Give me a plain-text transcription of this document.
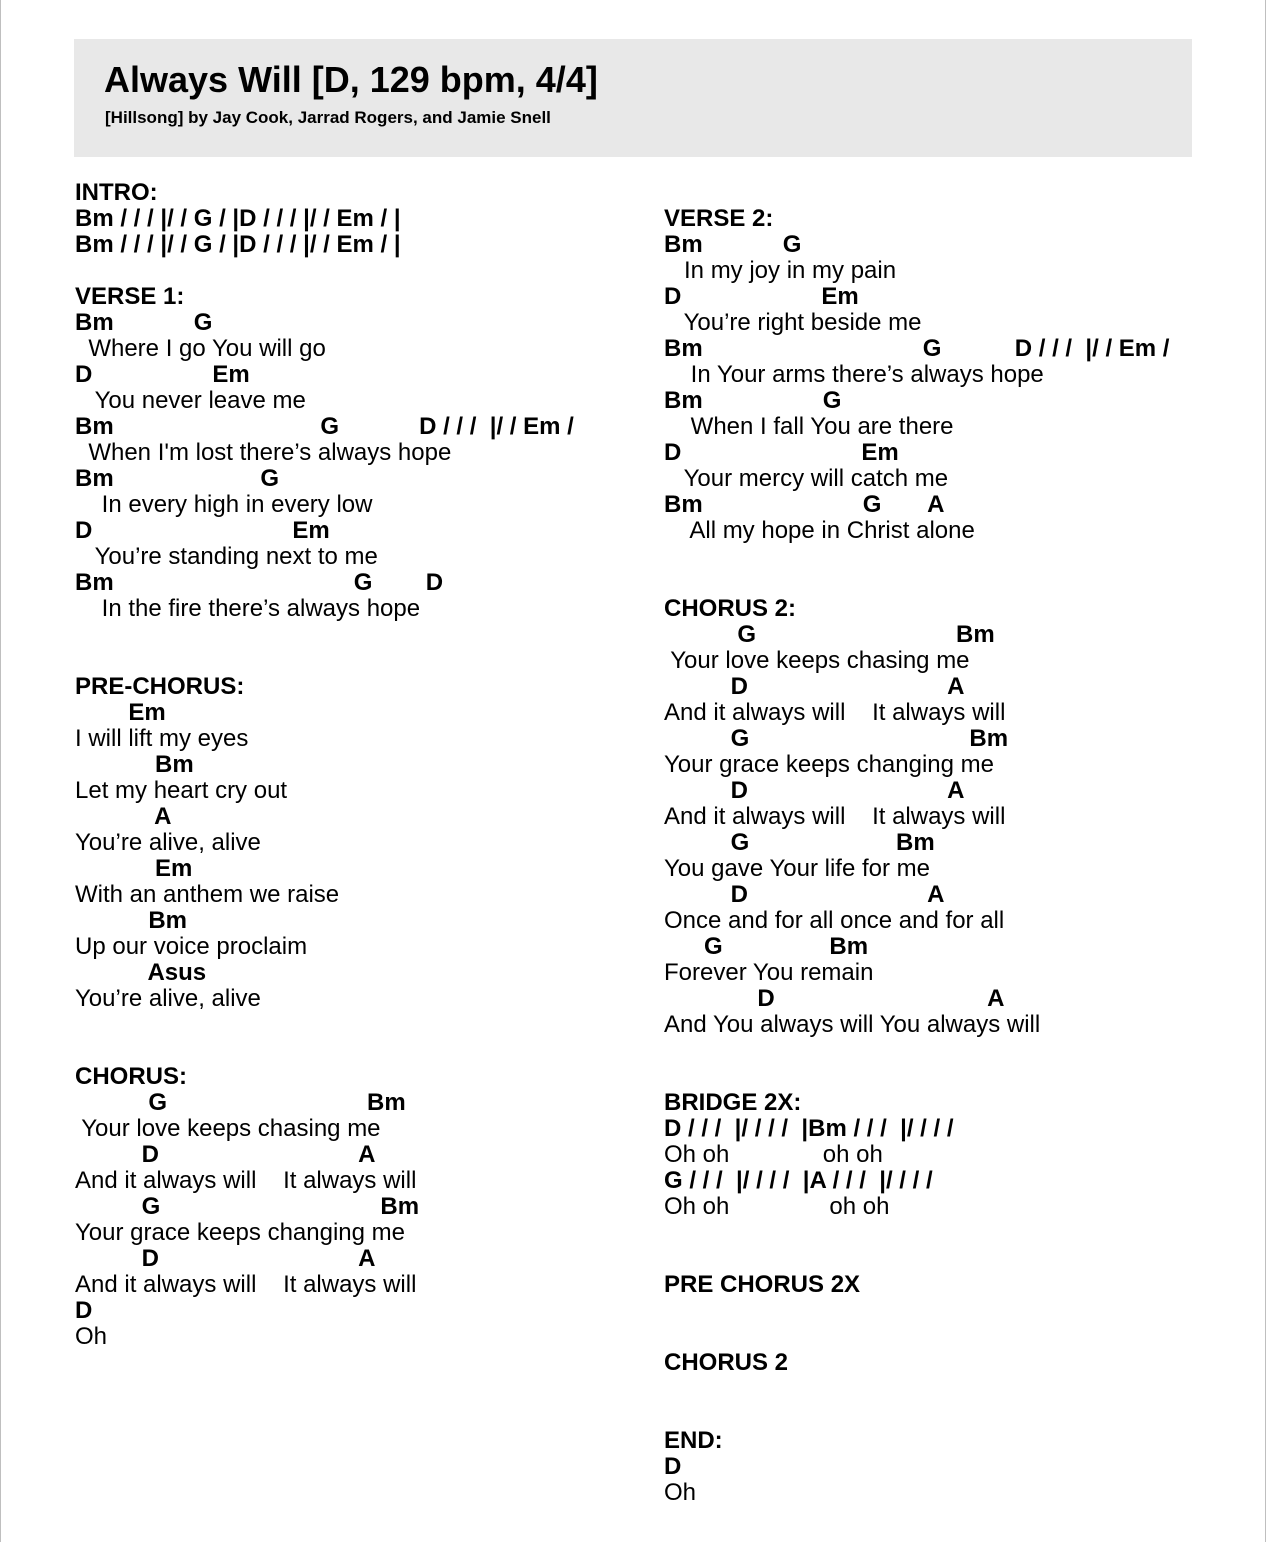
Always Will [D, 129 bpm, 4/4]
[Hillsong] by Jay Cook, Jarrad Rogers, and Jamie Snell
INTRO:
Bm / / / |/ / G / |D / / / |/ / Em / |
Bm / / / |/ / G / |D / / / |/ / Em / |
VERSE 1:
Bm            G
Where I go You will go
D                  Em
You never leave me
Bm                               G            D / / /  |/ / Em /
When I'm lost there’s always hope
Bm                      G
In every high in every low
D                              Em
You’re standing next to me
Bm                                    G        D
In the fire there’s always hope
PRE-CHORUS:
Em
I will lift my eyes
Bm
Let my heart cry out
A
You’re alive, alive
Em
With an anthem we raise
Bm
Up our voice proclaim
Asus
You’re alive, alive
CHORUS:
G                              Bm
Your love keeps chasing me
D                              A
And it always will    It always will
G                                 Bm
Your grace keeps changing me
D                              A
And it always will    It always will
D
Oh
VERSE 2:
Bm            G
In my joy in my pain
D                     Em
You’re right beside me
Bm                                 G           D / / /  |/ / Em /
In Your arms there’s always hope
Bm                  G
When I fall You are there
D                           Em
Your mercy will catch me
Bm                        G       A
All my hope in Christ alone
CHORUS 2:
G                              Bm
Your love keeps chasing me
D                              A
And it always will    It always will
G                                 Bm
Your grace keeps changing me
D                              A
And it always will    It always will
G                      Bm
You gave Your life for me
D                           A
Once and for all once and for all
G                Bm
Forever You remain
D                                A
And You always will You always will
BRIDGE 2X:
D / / /  |/ / / /  |Bm / / /  |/ / / /
Oh oh              oh oh
G / / /  |/ / / /  |A / / /  |/ / / /
Oh oh               oh oh
PRE CHORUS 2X
CHORUS 2
END:
D
Oh
